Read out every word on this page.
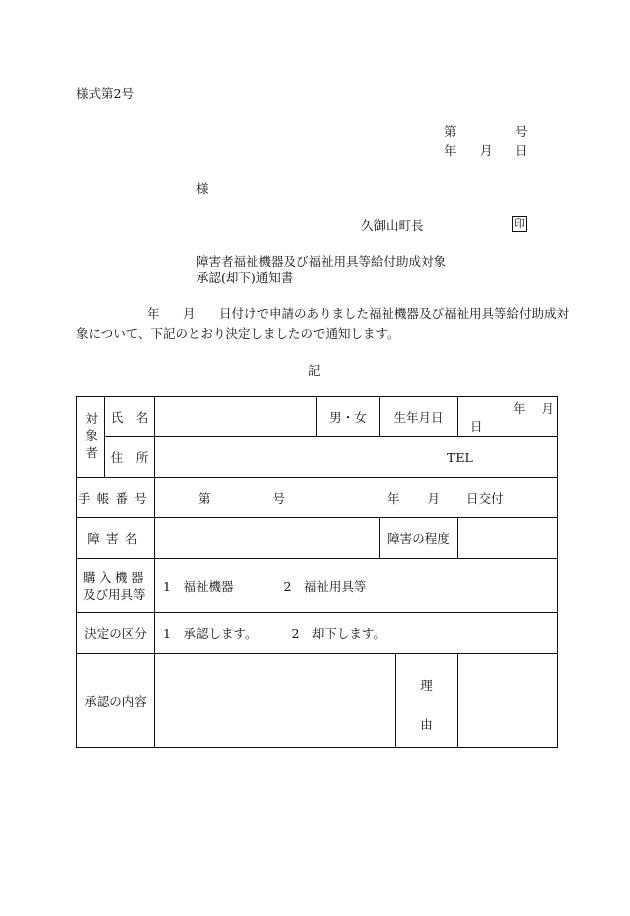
様式第2号
第	号
年 月 日
様
久御山町長	印
障害者福祉機器及び福祉用具等給付助成対象
承認(却下)通知書
年 月 日付けで申請のありました福祉機器及び福祉用具等給付助成対
象について、下記のとおり決定しましたので通知します。
記
対象者	氏　名		男・女	生年月日		年 月 日
	住　所	TEL				
手帳番号		第 号 年 月 日交付				
障害名				障害の程度		

購入機器
及び用具等		1　福祉機器 2　福祉用具等				
決定の区分		1　承認します。 2　却下します。				
承認の内容					理
由	
